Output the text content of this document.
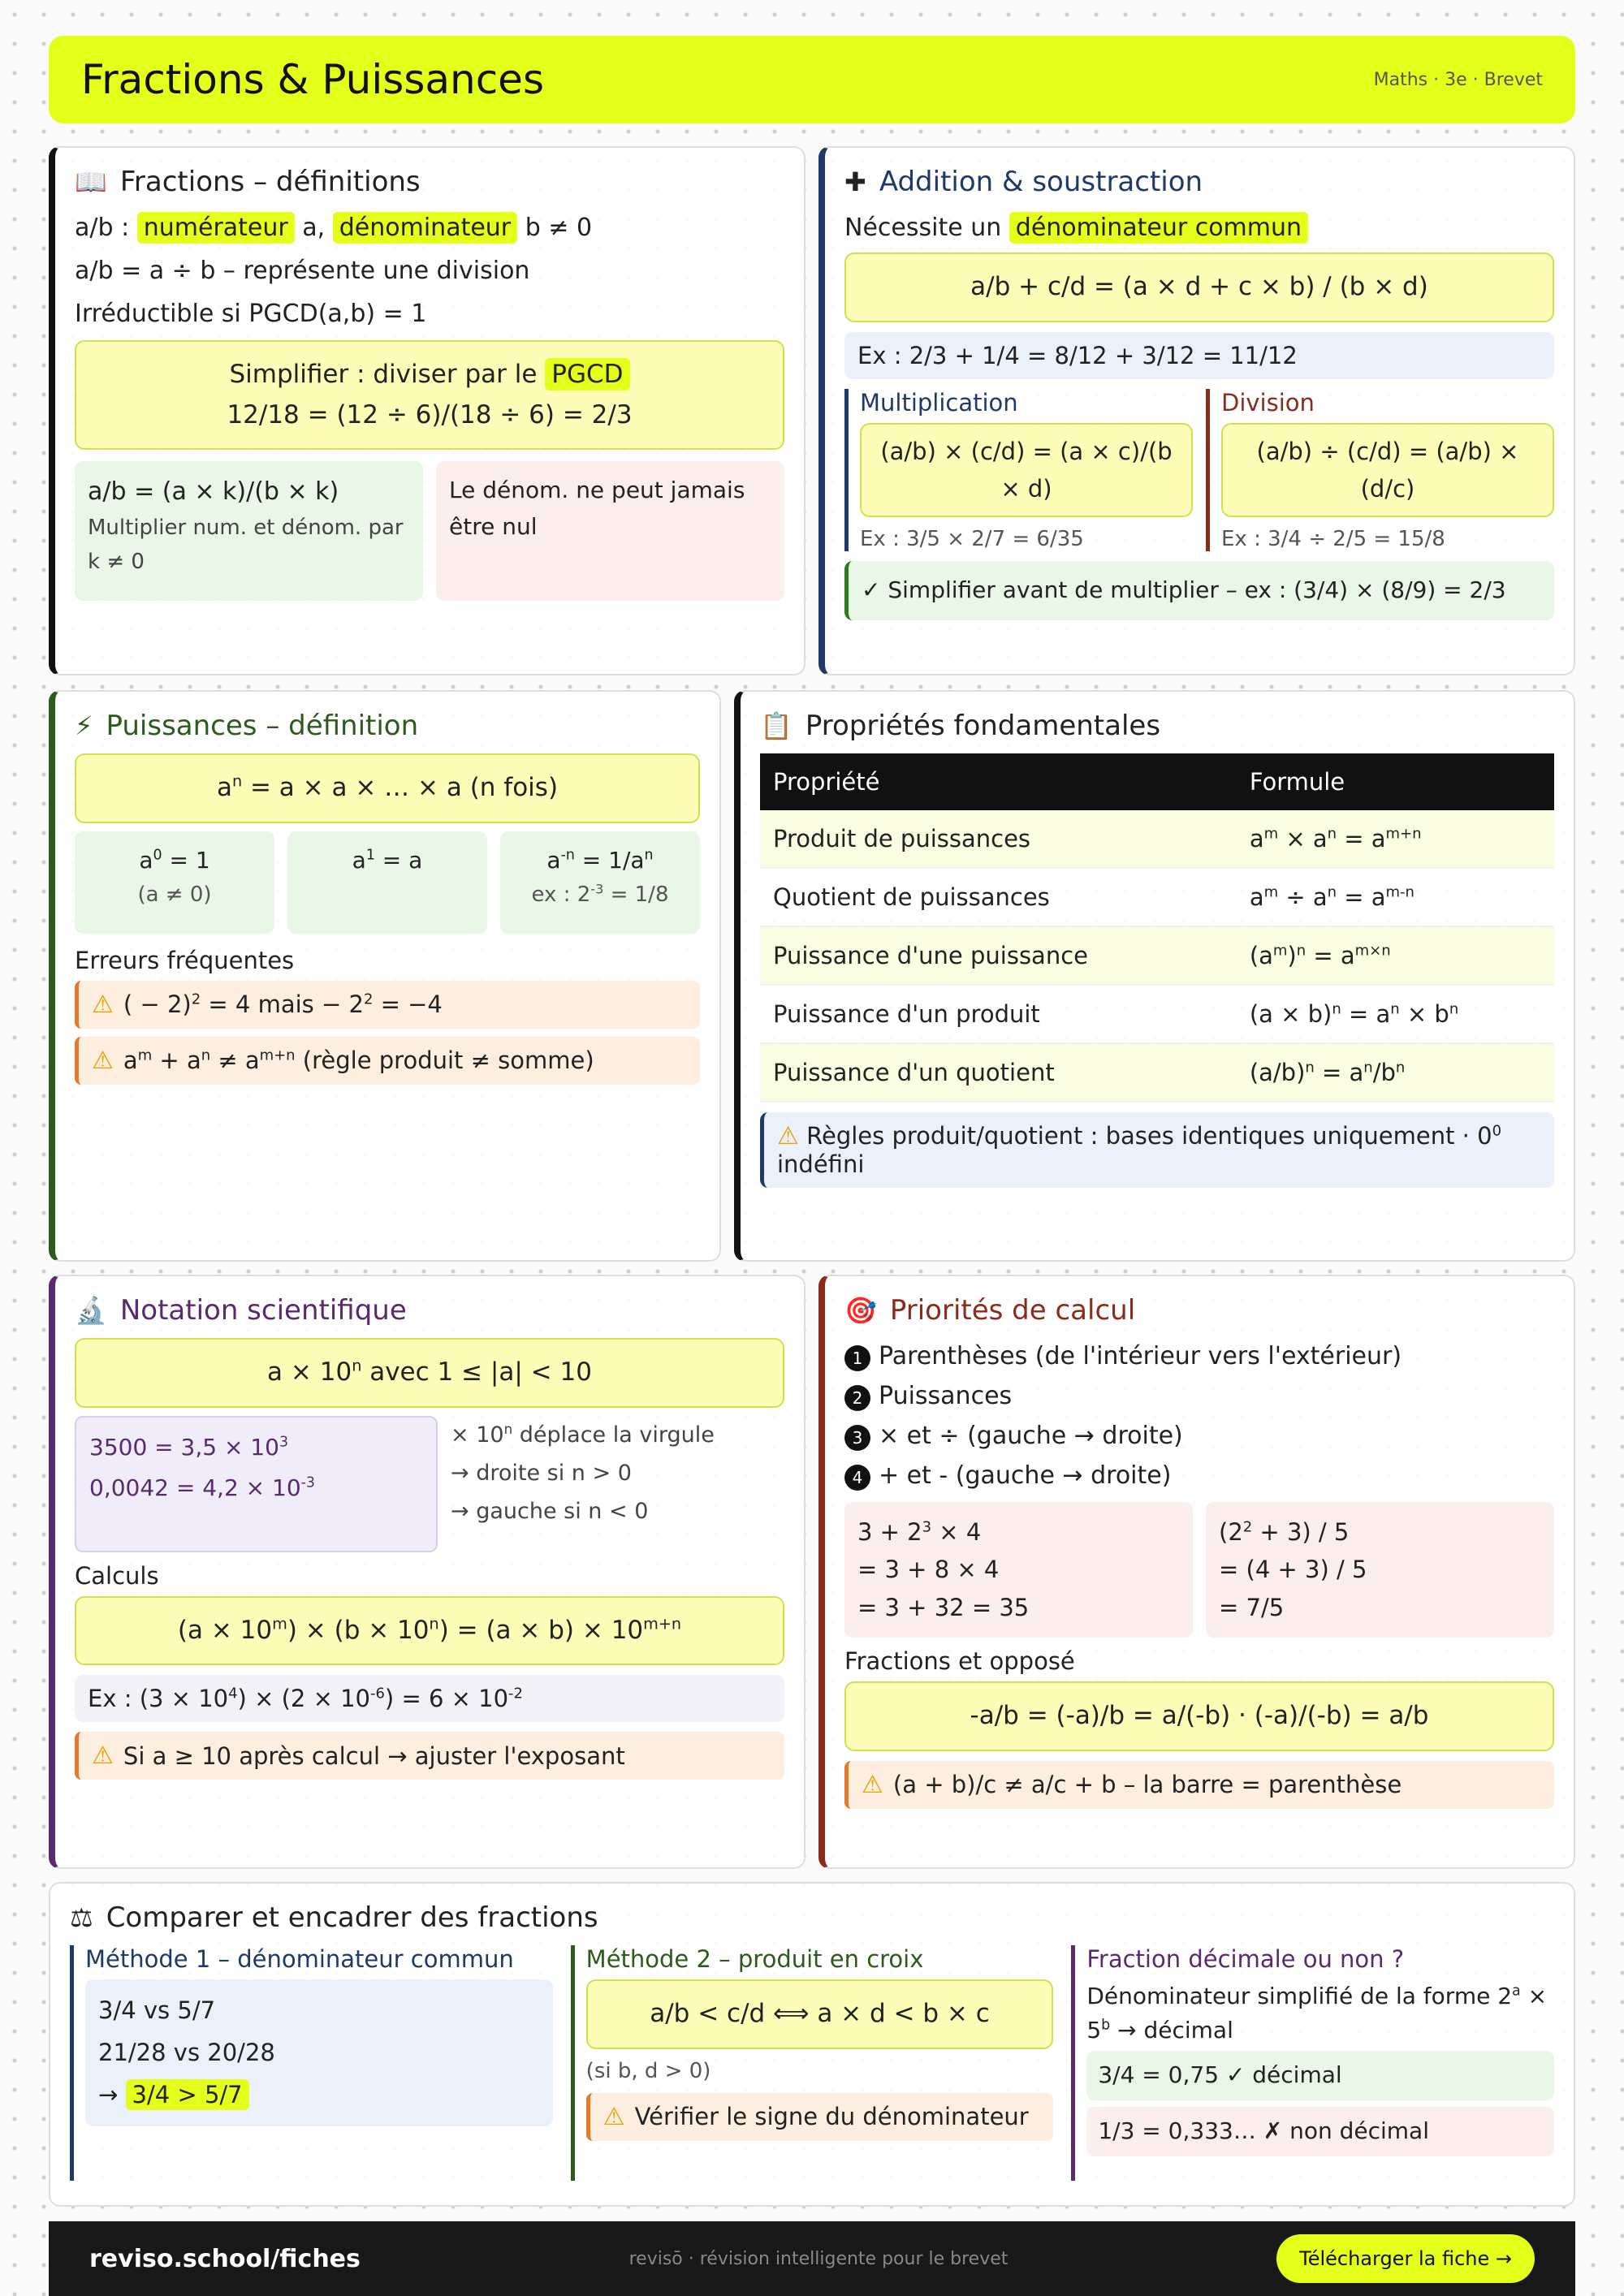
Fractions & Puissances	Maths · 3e · Brevet
📖 Fractions – définitions
a/b : numérateur a, dénominateur b ≠ 0
a/b = a ÷ b – représente une division
Irréductible si PGCD(a,b) = 1
Simplifier : diviser par le PGCD
12/18 = (12 ÷ 6)/(18 ÷ 6) = 2/3
a/b = (a × k)/(b × k)
Multiplier num. et dénom. par k ≠ 0
Le dénom. ne peut jamais être nul
✚ Addition & soustraction
Nécessite un dénominateur commun
a/b + c/d = (a × d + c × b) / (b × d)
Ex : 2/3 + 1/4 = 8/12 + 3/12 = 11/12
Multiplication
(a/b) × (c/d) = (a × c)/(b × d)
Ex : 3/5 × 2/7 = 6/35
Division
(a/b) ÷ (c/d) = (a/b) × (d/c)
Ex : 3/4 ÷ 2/5 = 15/8
✓ Simplifier avant de multiplier – ex : (3/4) × (8/9) = 2/3
⚡ Puissances – définition
$a^n = a \times a$ × … × a (n fois)
$a^0 = 1$
(a ≠ 0)
$a^1 = a$	$a^{-n} = 1/a^n$
ex : $2^{-3} = 1/8$
Erreurs fréquentes
⚠ ( − 2)$^2$ = 4 mais − $2^2 = -4$
⚠ $a^m + a^n \ne a^{m+n}$ (règle produit ≠ somme)
📋 Propriétés fondamentales
Propriété	Formule
Produit de puissances	$a^m \times a^n = a^{m+n}$
Quotient de puissances	$a^m \div a^n = a^{m-n}$
Puissance d'une puissance	$(a^m)^n = a^{m\times n}$
Puissance d'un produit	$(a \times b)^n = a^n \times b^n$
Puissance d'un quotient	$(a/b)^n = a^n/b^n$
⚠ Règles produit/quotient : bases identiques uniquement · $0^0$ indéfini
🔬 Notation scientifique
$a \times 10^n$ avec 1 ≤ |a| < 10
$3500 = 3,5 \times 10^3$
$0,0042 = 4,2 \times 10^{-3}$
× $10^n$ déplace la virgule
→ droite si n > 0
→ gauche si n < 0
Calculs
$(a \times 10^m) \times (b \times 10^n) = (a \times b) \times 10^{m+n}$
Ex : $(3 \times 10^4) \times (2 \times 10^{-6}) = 6 \times 10^{-2}$
⚠ Si a ≥ 10 après calcul → ajuster l'exposant
🎯 Priorités de calcul
1 Parenthèses (de l'intérieur vers l'extérieur)
2 Puissances
3 × et ÷ (gauche → droite)
4 + et - (gauche → droite)
$3 + 2^3 \times 4$
= 3 + 8 × 4
= 3 + 32 = 35
$(2^2 + 3) / 5$
= (4 + 3) / 5
= 7/5
Fractions et opposé
-a/b = (-a)/b = a/(-b) · (-a)/(-b) = a/b
⚠ (a + b)/c ≠ a/c + b – la barre = parenthèse
⚖ Comparer et encadrer des fractions
Méthode 1 – dénominateur commun
3/4 vs 5/7
21/28 vs 20/28
→ 3/4 > 5/7
Méthode 2 – produit en croix
a/b < c/d ⟺ a × d < b × c
(si b, d > 0)
⚠ Vérifier le signe du dénominateur
Fraction décimale ou non ?
Dénominateur simplifié de la forme $2^a \times 5^b$ → décimal
3/4 = 0,75 ✓ décimal
1/3 = 0,333… ✗ non décimal
reviso.school/fiches	revisō · révision intelligente pour le brevet	Télécharger la fiche →
